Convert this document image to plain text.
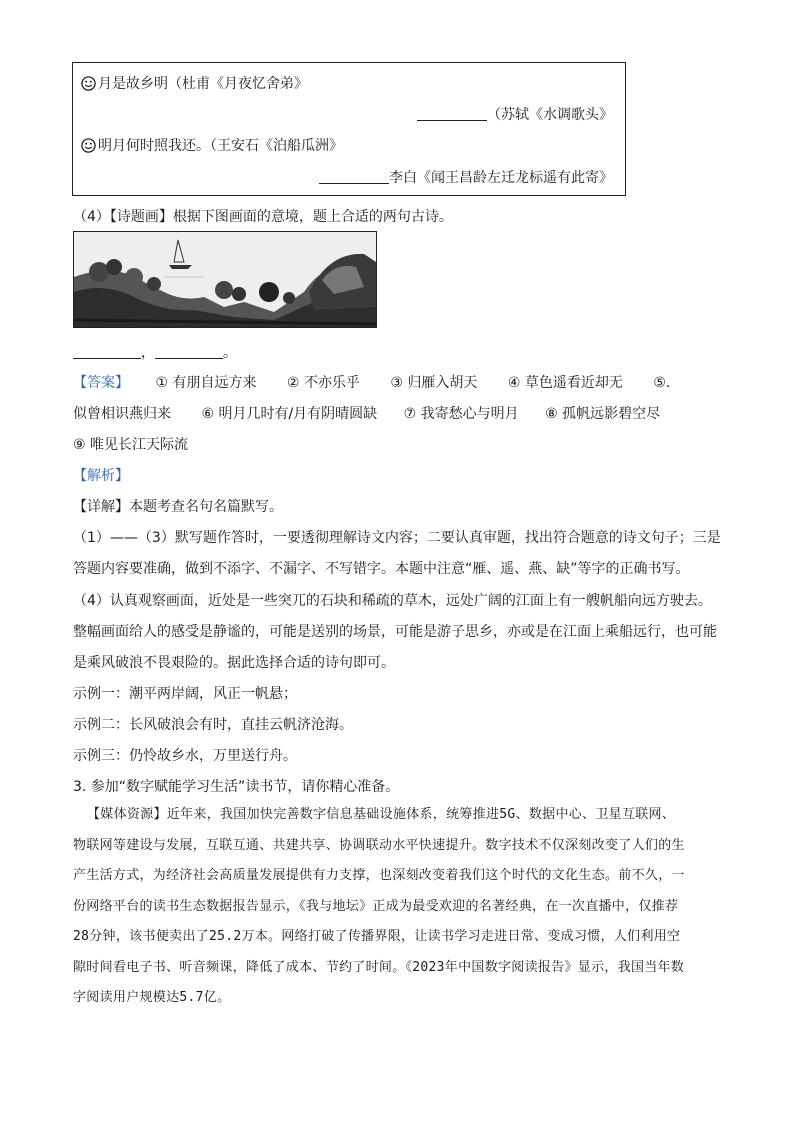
月是故乡明（杜甫《月夜忆舍弟》
（苏轼《水调歌头》
明月何时照我还。（王安石《泊船瓜洲》
李白《闻王昌龄左迁龙标遥有此寄》
（4）【诗题画】根据下图画面的意境，题上合适的两句古诗。
，	。
【答案】 ① 有朋自远方来 ② 不亦乐乎 ③ 归雁入胡天 ④ 草色遥看近却无 ⑤.
似曾相识燕归来 ⑥ 明月几时有/月有阴晴圆缺 ⑦ 我寄愁心与明月 ⑧ 孤帆远影碧空尽
⑨ 唯见长江天际流
【解析】
【详解】本题考查名句名篇默写。
（1）——（3）默写题作答时，一要透彻理解诗文内容；二要认真审题，找出符合题意的诗文句子；三是
答题内容要准确，做到不添字、不漏字、不写错字。本题中注意“雁、遥、燕、缺”等字的正确书写。
（4）认真观察画面，近处是一些突兀的石块和稀疏的草木，远处广阔的江面上有一艘帆船向远方驶去。
整幅画面给人的感受是静谧的，可能是送别的场景，可能是游子思乡，亦或是在江面上乘船远行，也可能
是乘风破浪不畏艰险的。据此选择合适的诗句即可。
示例一：潮平两岸阔，风正一帆悬；
示例二：长风破浪会有时，直挂云帆济沧海。
示例三：仍怜故乡水，万里送行舟。
3. 参加“数字赋能学习生活”读书节，请你精心准备。
【媒体资源】近年来，我国加快完善数字信息基础设施体系，统筹推进5G、数据中心、卫星互联网、
物联网等建设与发展，互联互通、共建共享、协调联动水平快速提升。数字技术不仅深刻改变了人们的生
产生活方式，为经济社会高质量发展提供有力支撑，也深刻改变着我们这个时代的文化生态。前不久，一
份网络平台的读书生态数据报告显示，《我与地坛》正成为最受欢迎的名著经典，在一次直播中，仅推荐
28分钟，该书便卖出了25.2万本。网络打破了传播界限，让读书学习走进日常、变成习惯，人们利用空
隙时间看电子书、听音频课，降低了成本、节约了时间。《2023年中国数字阅读报告》显示，我国当年数
字阅读用户规模达5.7亿。
